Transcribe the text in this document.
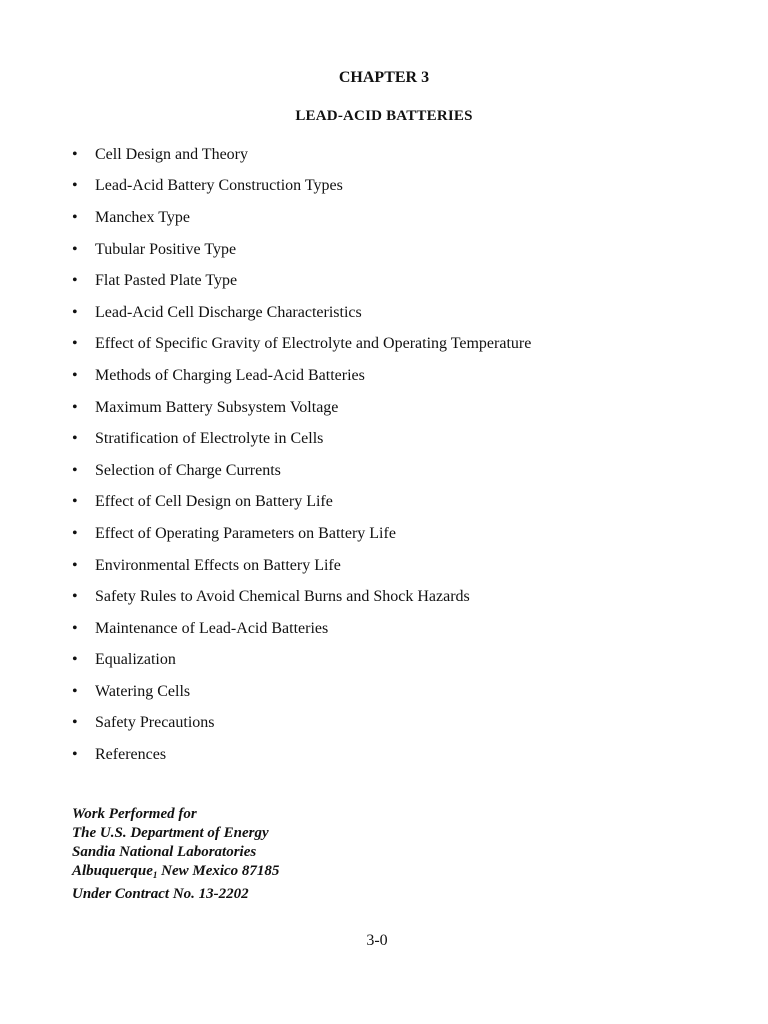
CHAPTER 3
LEAD-ACID BATTERIES
•	Cell Design and Theory
•	Lead-Acid Battery Construction Types
•	Manchex Type
•	Tubular Positive Type
•	Flat Pasted Plate Type
•	Lead-Acid Cell Discharge Characteristics
•	Effect of Specific Gravity of Electrolyte and Operating Temperature
•	Methods of Charging Lead-Acid Batteries
•	Maximum Battery Subsystem Voltage
•	Stratification of Electrolyte in Cells
•	Selection of Charge Currents
•	Effect of Cell Design on Battery Life
•	Effect of Operating Parameters on Battery Life
•	Environmental Effects on Battery Life
•	Safety Rules to Avoid Chemical Burns and Shock Hazards
•	Maintenance of Lead-Acid Batteries
•	Equalization
•	Watering Cells
•	Safety Precautions
•	References
Work Performed for
The U.S. Department of Energy
Sandia National Laboratories
Albuquerque$_1$ New Mexico 87185
Under Contract No. 13-2202
3-0
